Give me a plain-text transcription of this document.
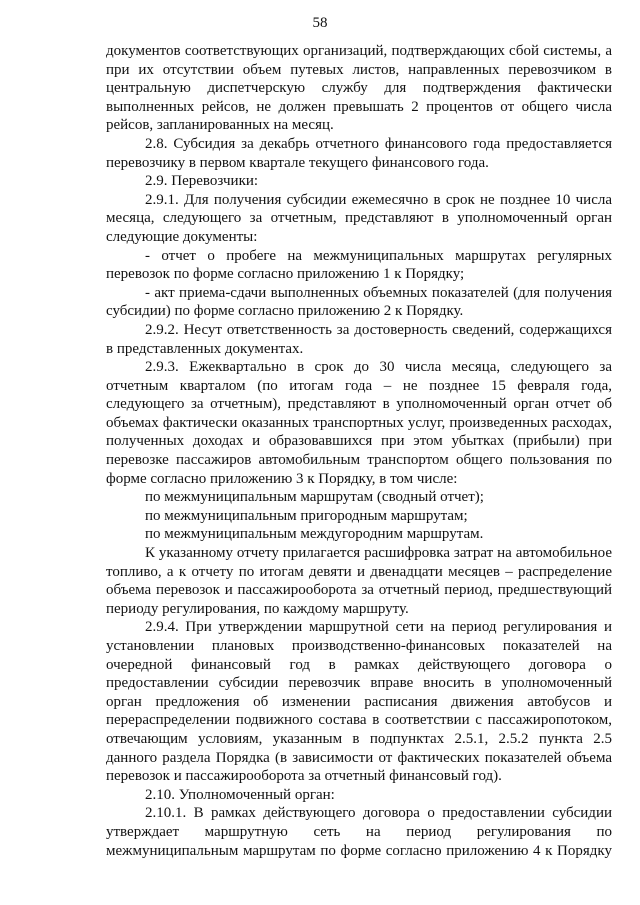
58

документов соответствующих организаций, подтверждающих сбой системы, а при их отсутствии объем путевых листов, направленных перевозчиком в центральную диспетчерскую службу для подтверждения фактически выполненных рейсов, не должен превышать 2 процентов от общего числа рейсов, запланированных на месяц.

2.8. Субсидия за декабрь отчетного финансового года предоставляется перевозчику в первом квартале текущего финансового года.

2.9. Перевозчики:

2.9.1. Для получения субсидии ежемесячно в срок не позднее 10 числа месяца, следующего за отчетным, представляют в уполномоченный орган следующие документы:

- отчет о пробеге на межмуниципальных маршрутах регулярных перевозок по форме согласно приложению 1 к Порядку;

- акт приема-сдачи выполненных объемных показателей (для получения субсидии) по форме согласно приложению 2 к Порядку.

2.9.2. Несут ответственность за достоверность сведений, содержащихся в представленных документах.

2.9.3. Ежеквартально в срок до 30 числа месяца, следующего за отчетным кварталом (по итогам года – не позднее 15 февраля года, следующего за отчетным), представляют в уполномоченный орган отчет об объемах фактически оказанных транспортных услуг, произведенных расходах, полученных доходах и образовавшихся при этом убытках (прибыли) при перевозке пассажиров автомобильным транспортом общего пользования по форме согласно приложению 3 к Порядку, в том числе:

по межмуниципальным маршрутам (сводный отчет);

по межмуниципальным пригородным маршрутам;

по межмуниципальным междугородним маршрутам.

К указанному отчету прилагается расшифровка затрат на автомобильное топливо, а к отчету по итогам девяти и двенадцати месяцев – распределение объема перевозок и пассажирооборота за отчетный период, предшествующий периоду регулирования, по каждому маршруту.

2.9.4. При утверждении маршрутной сети на период регулирования и установлении плановых производственно-финансовых показателей на очередной финансовый год в рамках действующего договора о предоставлении субсидии перевозчик вправе вносить в уполномоченный орган предложения об изменении расписания движения автобусов и перераспределении подвижного состава в соответствии с пассажиропотоком, отвечающим условиям, указанным в подпунктах 2.5.1, 2.5.2 пункта 2.5 данного раздела Порядка (в зависимости от фактических показателей объема перевозок и пассажирооборота за отчетный финансовый год).

2.10. Уполномоченный орган:

2.10.1. В рамках действующего договора о предоставлении субсидии утверждает маршрутную сеть на период регулирования по межмуниципальным маршрутам по форме согласно приложению 4 к Порядку
